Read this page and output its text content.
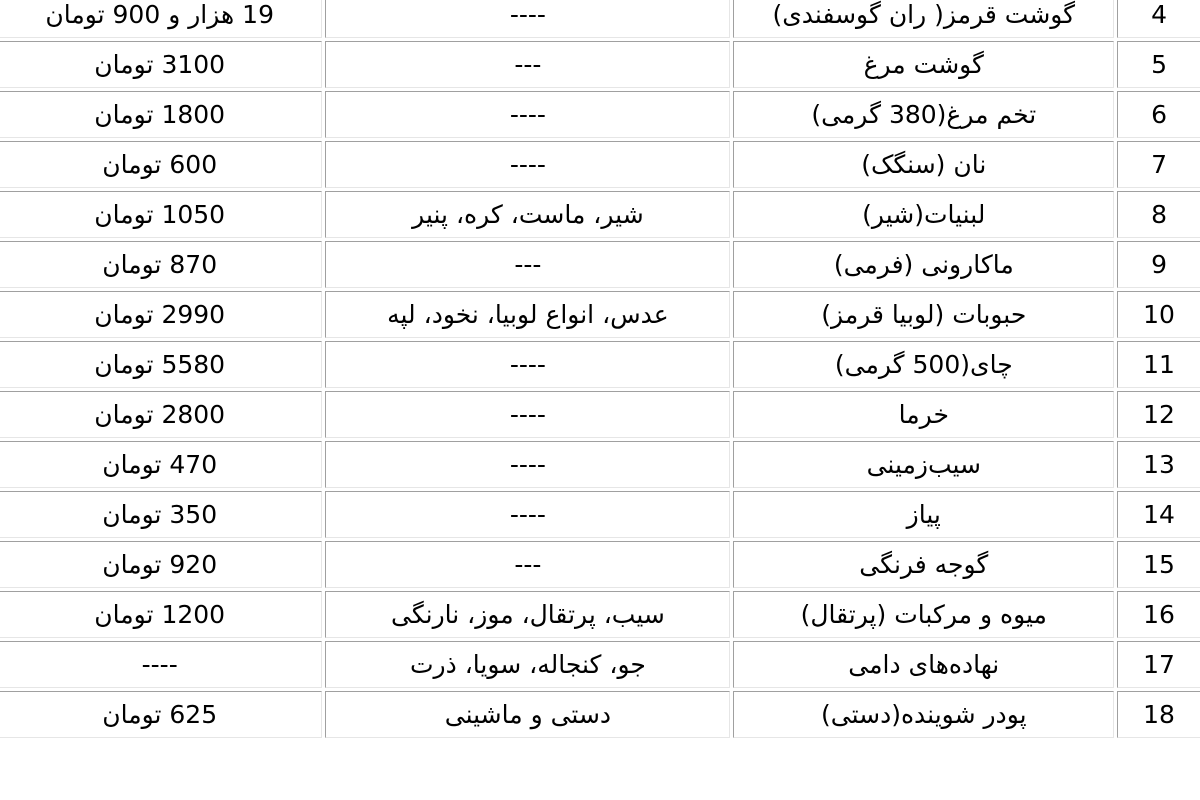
19 هزار و 900 تومان	----	گوشت قرمز( ران گوسفندی)	4
3100 تومان	---	گوشت مرغ	5
1800 تومان	----	تخم مرغ(380 گرمی)	6
600 تومان	----	نان (سنگک)	7
1050 تومان	شیر، ماست، کره، پنیر	لبنیات(شیر)	8
870 تومان	---	ماکارونی (فرمی)	9
2990 تومان	عدس، انواع لوبیا، نخود، لپه	حبوبات (لوبیا قرمز)	10
5580 تومان	----	چای(500 گرمی)	11
2800 تومان	----	خرما	12
470 تومان	----	سیب‌زمینی	13
350 تومان	----	پیاز	14
920 تومان	---	گوجه فرنگی	15
1200 تومان	سیب، پرتقال، موز، نارنگی	میوه و مرکبات (پرتقال)	16
----	جو، کنجاله، سویا، ذرت	نهاده‌های دامی	17
625 تومان	دستی و ماشینی	پودر شوینده(دستی)	18
